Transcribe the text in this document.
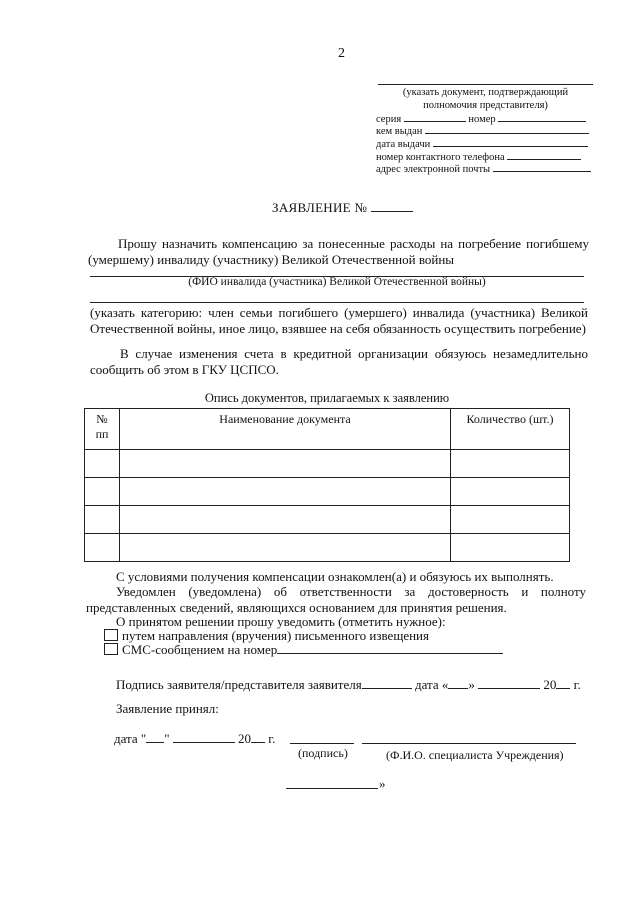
2
(указать документ, подтверждающий полномочия представителя)
серия	номер
кем выдан
дата выдачи
номер контактного телефона
адрес электронной почты
ЗАЯВЛЕНИЕ №
Прошу назначить компенсацию за понесенные расходы на погребение погибшему (умершему) инвалиду (участнику) Великой Отечественной войны
(ФИО инвалида (участника) Великой Отечественной войны)
(указать категорию: член семьи погибшего (умершего) инвалида (участника) Великой Отечественной войны, иное лицо, взявшее на себя обязанность осуществить погребение)
В случае изменения счета в кредитной организации обязуюсь незамедлительно сообщить об этом в ГКУ ЦСПСО.
Опись документов, прилагаемых к заявлению
№ пп	Наименование документа	Количество (шт.)

С условиями получения компенсации ознакомлен(а) и обязуюсь их выполнять.
Уведомлен (уведомлена) об ответственности за достоверность и полноту представленных сведений, являющихся основанием для принятия решения.
О принятом решении прошу уведомить (отметить нужное):
путем направления (вручения) письменного извещения
СМС-сообщением на номер
Подпись заявителя/представителя заявителя	дата « »	20 г.
Заявление принял:
дата " "	20 г.
(подпись)	(Ф.И.О. специалиста Учреждения)
»
